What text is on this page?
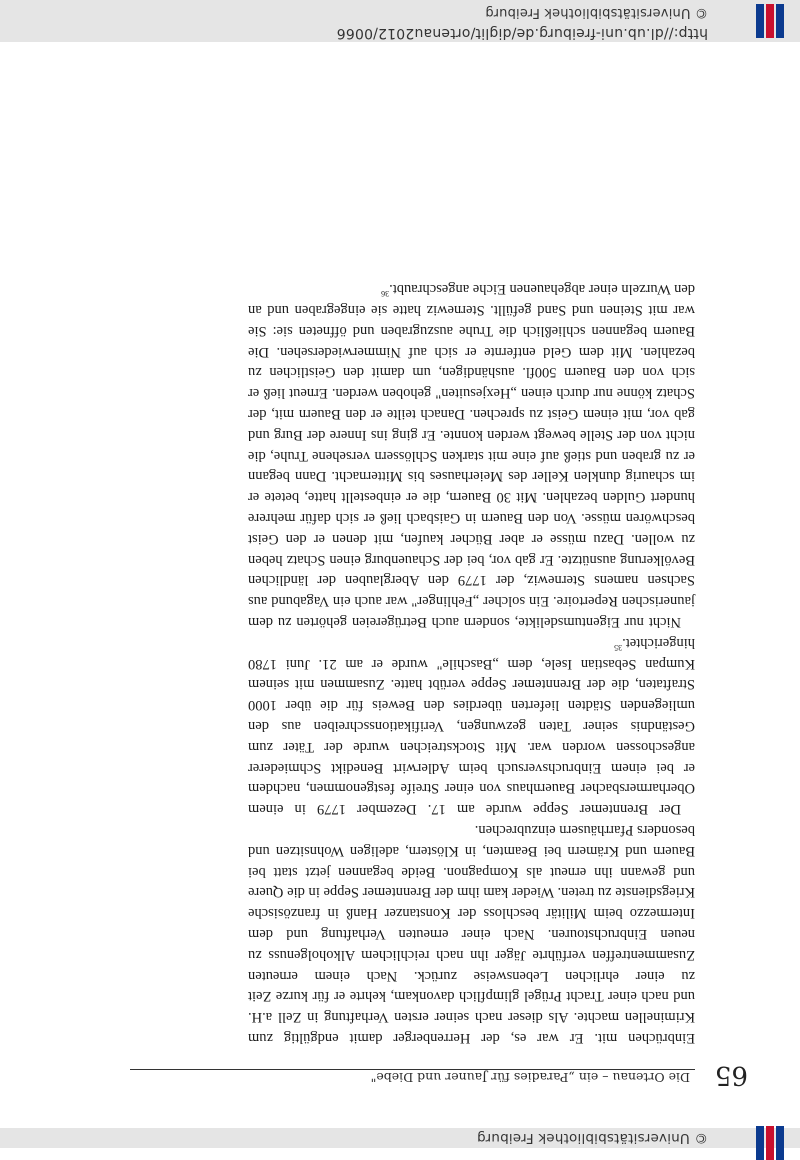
© Universitätsbibliothek Freiburg
Die Ortenau – ein „Paradies für Jauner und Diebe" 65

Einbrüchen mit. Er war es, der Herrenberger damit endgültig zum Kriminellen machte. Als dieser nach seiner ersten Verhaftung in Zell a.H. und nach einer Tracht Prügel glimpflich davonkam, kehrte er für kurze Zeit zu einer ehrlichen Lebensweise zurück. Nach einem erneuten Zusammentreffen verführte Jäger ihn nach reichlichem Alkoholgenuss zu neuen Einbruchstouren. Nach einer erneuten Verhaftung und dem Intermezzo beim Militär beschloss der Konstanzer Hanß in französische Kriegsdienste zu treten. Wieder kam ihm der Brenntemer Seppe in die Quere und gewann ihn erneut als Kompagnon. Beide begannen jetzt statt bei Bauern und Krämern bei Beamten, in Klöstern, adeligen Wohnsitzen und besonders Pfarrhäusern einzubrechen.

Der Brenntemer Seppe wurde am 17. Dezember 1779 in einem Oberharmersbacher Bauernhaus von einer Streife festgenommen, nachdem er bei einem Einbruchsversuch beim Adlerwirt Benedikt Schmiederer angeschossen worden war. Mit Stockstreichen wurde der Täter zum Geständnis seiner Taten gezwungen, Verifikationsschreiben aus den umliegenden Städten lieferten überdies den Beweis für die über 1000 Straftaten, die der Brenntemer Seppe verübt hatte. Zusammen mit seinem Kumpan Sebastian Isele, dem „Baschile" wurde er am 21. Juni 1780 hingerichtet.$^{35}$

Nicht nur Eigentumsdelikte, sondern auch Betrügereien gehörten zu dem jaunerischen Repertoire. Ein solcher „Fehlinger" war auch ein Vagabund aus Sachsen namens Sternewiz, der 1779 den Aberglauben der ländlichen Bevölkerung ausnützte. Er gab vor, bei der Schauenburg einen Schatz heben zu wollen. Dazu müsse er aber Bücher kaufen, mit denen er den Geist beschwören müsse. Von den Bauern in Gaisbach ließ er sich dafür mehrere hundert Gulden bezahlen. Mit 30 Bauern, die er einbestellt hatte, betete er im schaurig dunklen Keller des Meierhauses bis Mitternacht. Dann begann er zu graben und stieß auf eine mit starken Schlössern versehene Truhe, die nicht von der Stelle bewegt werden konnte. Er ging ins Innere der Burg und gab vor, mit einem Geist zu sprechen. Danach teilte er den Bauern mit, der Schatz könne nur durch einen „Hexjesuiten" gehoben werden. Erneut ließ er sich von den Bauern 500fl. aushändigen, um damit den Geistlichen zu bezahlen. Mit dem Geld entfernte er sich auf Nimmerwiedersehen. Die Bauern begannen schließlich die Truhe auszugraben und öffneten sie: Sie war mit Steinen und Sand gefüllt. Sternewiz hatte sie eingegraben und an den Wurzeln einer abgehauenen Eiche angeschraubt.$^{36}$

http://dl.ub.uni-freiburg.de/diglit/ortenau2012/0066
© Universitätsbibliothek Freiburg
